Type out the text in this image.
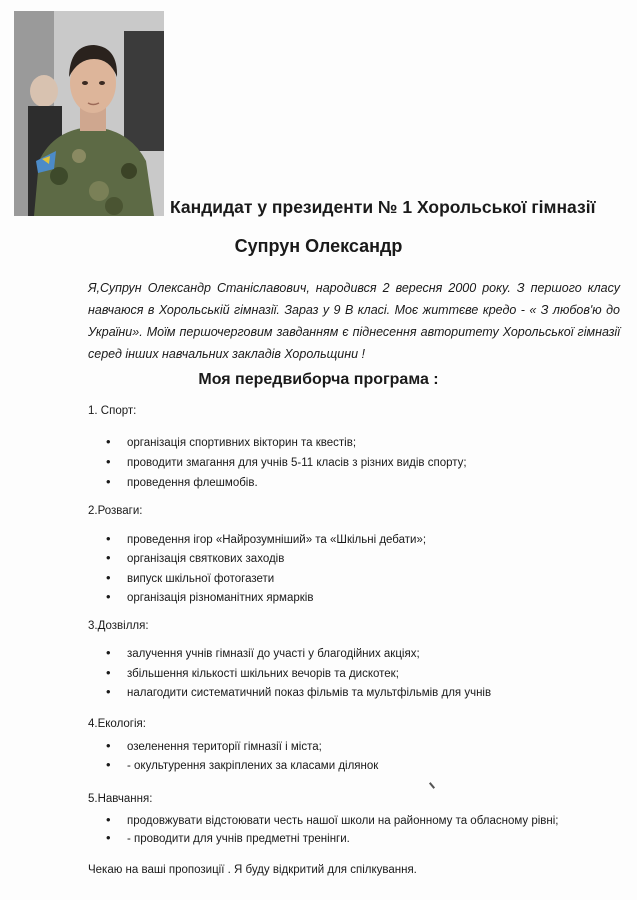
Кандидат у президенти № 1 Хорольської гімназії
Супрун Олександр
Я,Супрун Олександр Станіславович, народився 2 вересня 2000 року. З першого класу навчаюся в Хорольській гімназії. Зараз у 9 В класі. Моє життєве кредо - « З любов'ю до України». Моїм першочерговим завданням є піднесення авторитету Хорольської гімназії серед інших навчальних закладів Хорольщини !
Моя передвиборча програма :
1. Спорт:
• організація спортивних вікторин та квестів;
• проводити змагання для учнів 5-11 класів з різних видів спорту;
• проведення флешмобів.
2.Розваги:
• проведення ігор «Найрозумніший» та «Шкільні дебати»;
• організація святкових заходів
• випуск шкільної фотогазети
• організація різноманітних ярмарків
3.Дозвілля:
• залучення учнів гімназії до участі у благодійних акціях;
• збільшення кількості шкільних вечорів та дискотек;
• налагодити систематичний показ фільмів та мультфільмів для учнів
4.Екологія:
• озеленення території гімназії і міста;
• - окультурення закріплених за класами ділянок
5.Навчання:
• продовжувати відстоювати честь нашої школи на районному та обласному рівні;
• - проводити для учнів предметні тренінги.
Чекаю на ваші пропозиції . Я буду відкритий для спілкування.
